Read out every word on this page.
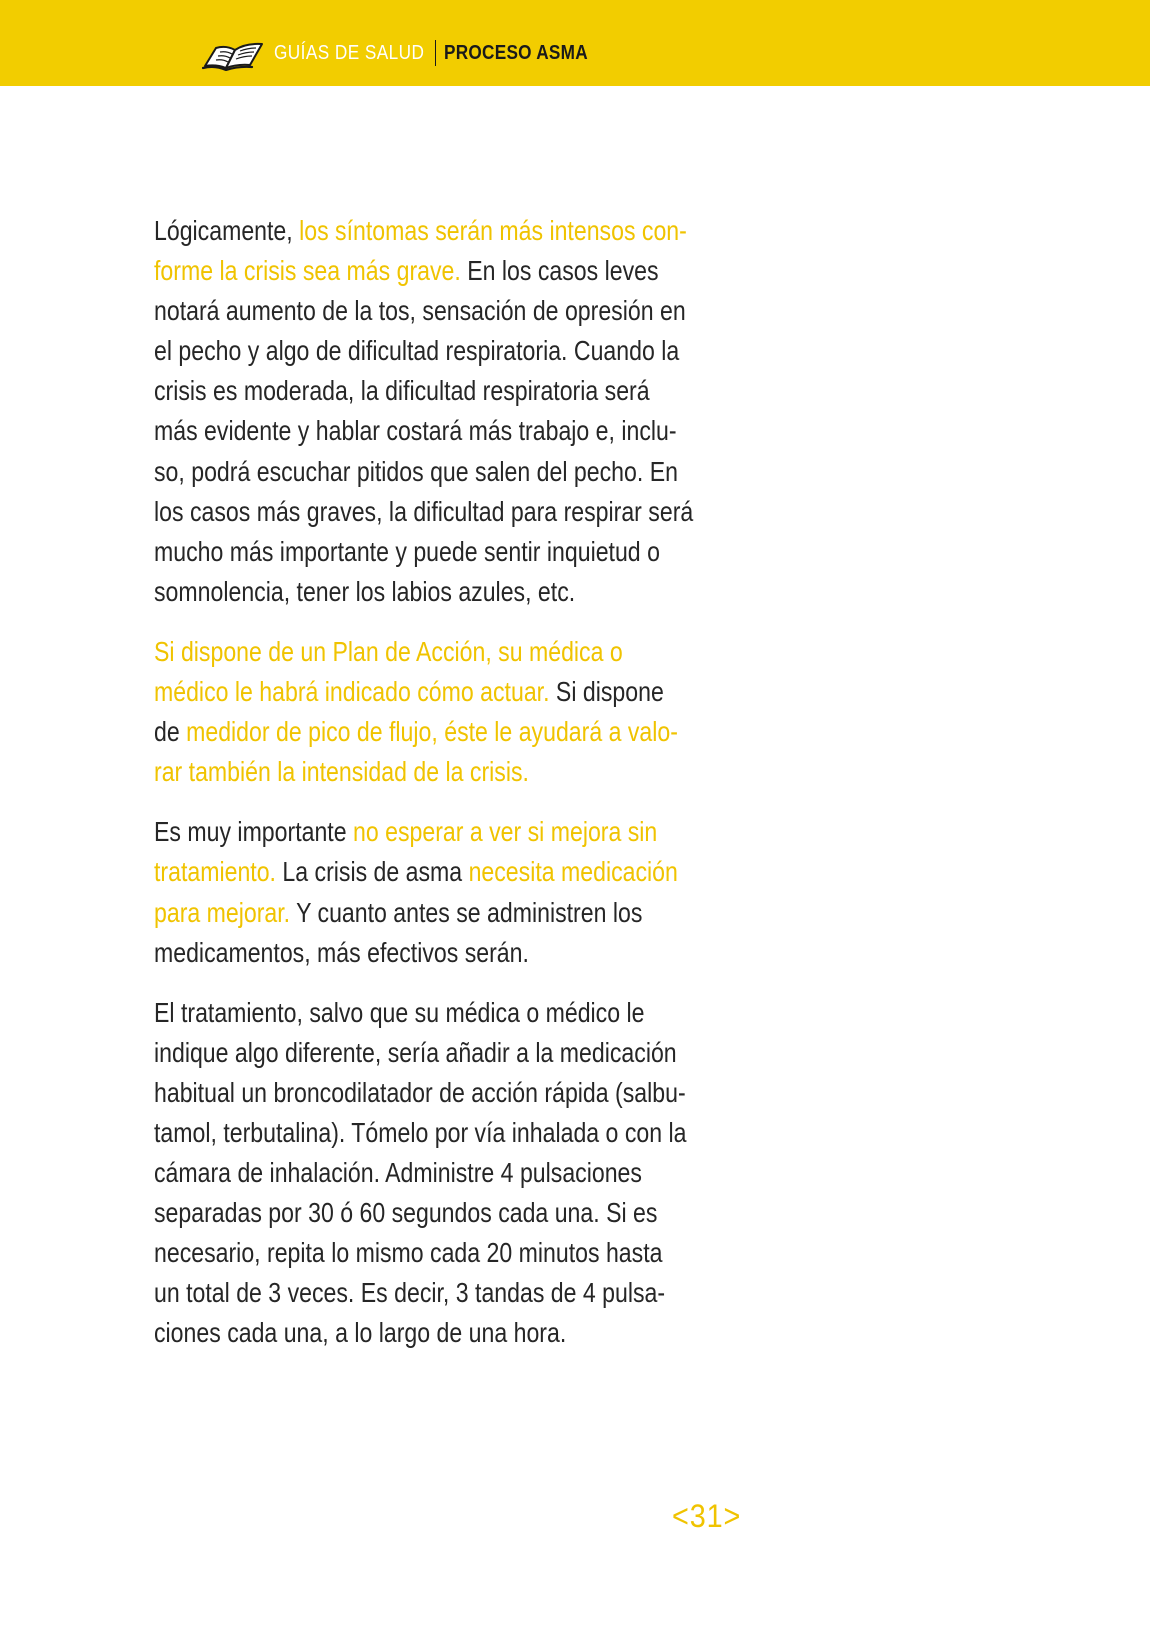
GUÍAS DE SALUD PROCESO ASMA
Lógicamente, los síntomas serán más intensos con-
forme la crisis sea más grave. En los casos leves
notará aumento de la tos, sensación de opresión en
el pecho y algo de dificultad respiratoria. Cuando la
crisis es moderada, la dificultad respiratoria será
más evidente y hablar costará más trabajo e, inclu-
so, podrá escuchar pitidos que salen del pecho. En
los casos más graves, la dificultad para respirar será
mucho más importante y puede sentir inquietud o
somnolencia, tener los labios azules, etc.
Si dispone de un Plan de Acción, su médica o
médico le habrá indicado cómo actuar. Si dispone
de medidor de pico de flujo, éste le ayudará a valo-
rar también la intensidad de la crisis.
Es muy importante no esperar a ver si mejora sin
tratamiento. La crisis de asma necesita medicación
para mejorar. Y cuanto antes se administren los
medicamentos, más efectivos serán.
El tratamiento, salvo que su médica o médico le
indique algo diferente, sería añadir a la medicación
habitual un broncodilatador de acción rápida (salbu-
tamol, terbutalina). Tómelo por vía inhalada o con la
cámara de inhalación. Administre 4 pulsaciones
separadas por 30 ó 60 segundos cada una. Si es
necesario, repita lo mismo cada 20 minutos hasta
un total de 3 veces. Es decir, 3 tandas de 4 pulsa-
ciones cada una, a lo largo de una hora.
<31>
